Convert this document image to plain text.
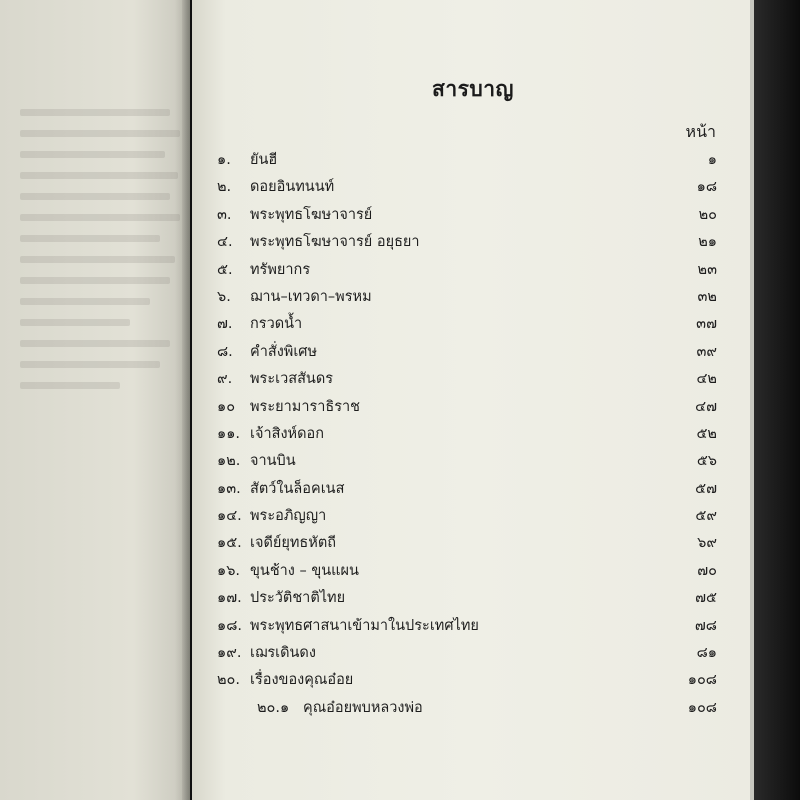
สารบาญ
หน้า
๑.	ยันฮี	๑
๒.	ดอยอินทนนท์	๑๘
๓.	พระพุทธโฆษาจารย์	๒๐
๔.	พระพุทธโฆษาจารย์ อยุธยา	๒๑
๕.	ทรัพยากร	๒๓
๖.	ฌาน–เทวดา–พรหม	๓๒
๗.	กรวดน้ำ	๓๗
๘.	คำสั่งพิเศษ	๓๙
๙.	พระเวสสันดร	๔๒
๑๐	พระยามาราธิราช	๔๗
๑๑. เจ้าสิงห์ดอก	๕๒
๑๒. จานบิน	๕๖
๑๓. สัตว์ในล็อคเนส	๕๗
๑๔. พระอภิญญา	๕๙
๑๕. เจดีย์ยุทธหัตถี	๖๙
๑๖. ขุนช้าง – ขุนแผน	๗๐
๑๗. ประวัติชาติไทย	๗๕
๑๘. พระพุทธศาสนาเข้ามาในประเทศไทย	๗๘
๑๙. เฌรเดินดง	๘๑
๒๐. เรื่องของคุณอ๋อย	๑๐๘
๒๐.๑ คุณอ๋อยพบหลวงพ่อ	๑๐๘
